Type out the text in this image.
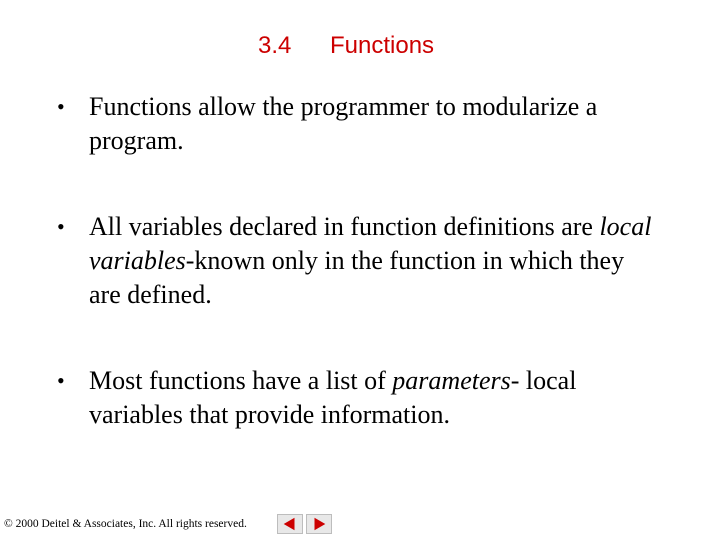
3.4 Functions
• Functions allow the programmer to modularize a program.
• All variables declared in function definitions are local variables-known only in the function in which they are defined.
• Most functions have a list of parameters- local variables that provide information.
© 2000 Deitel & Associates, Inc. All rights reserved.
